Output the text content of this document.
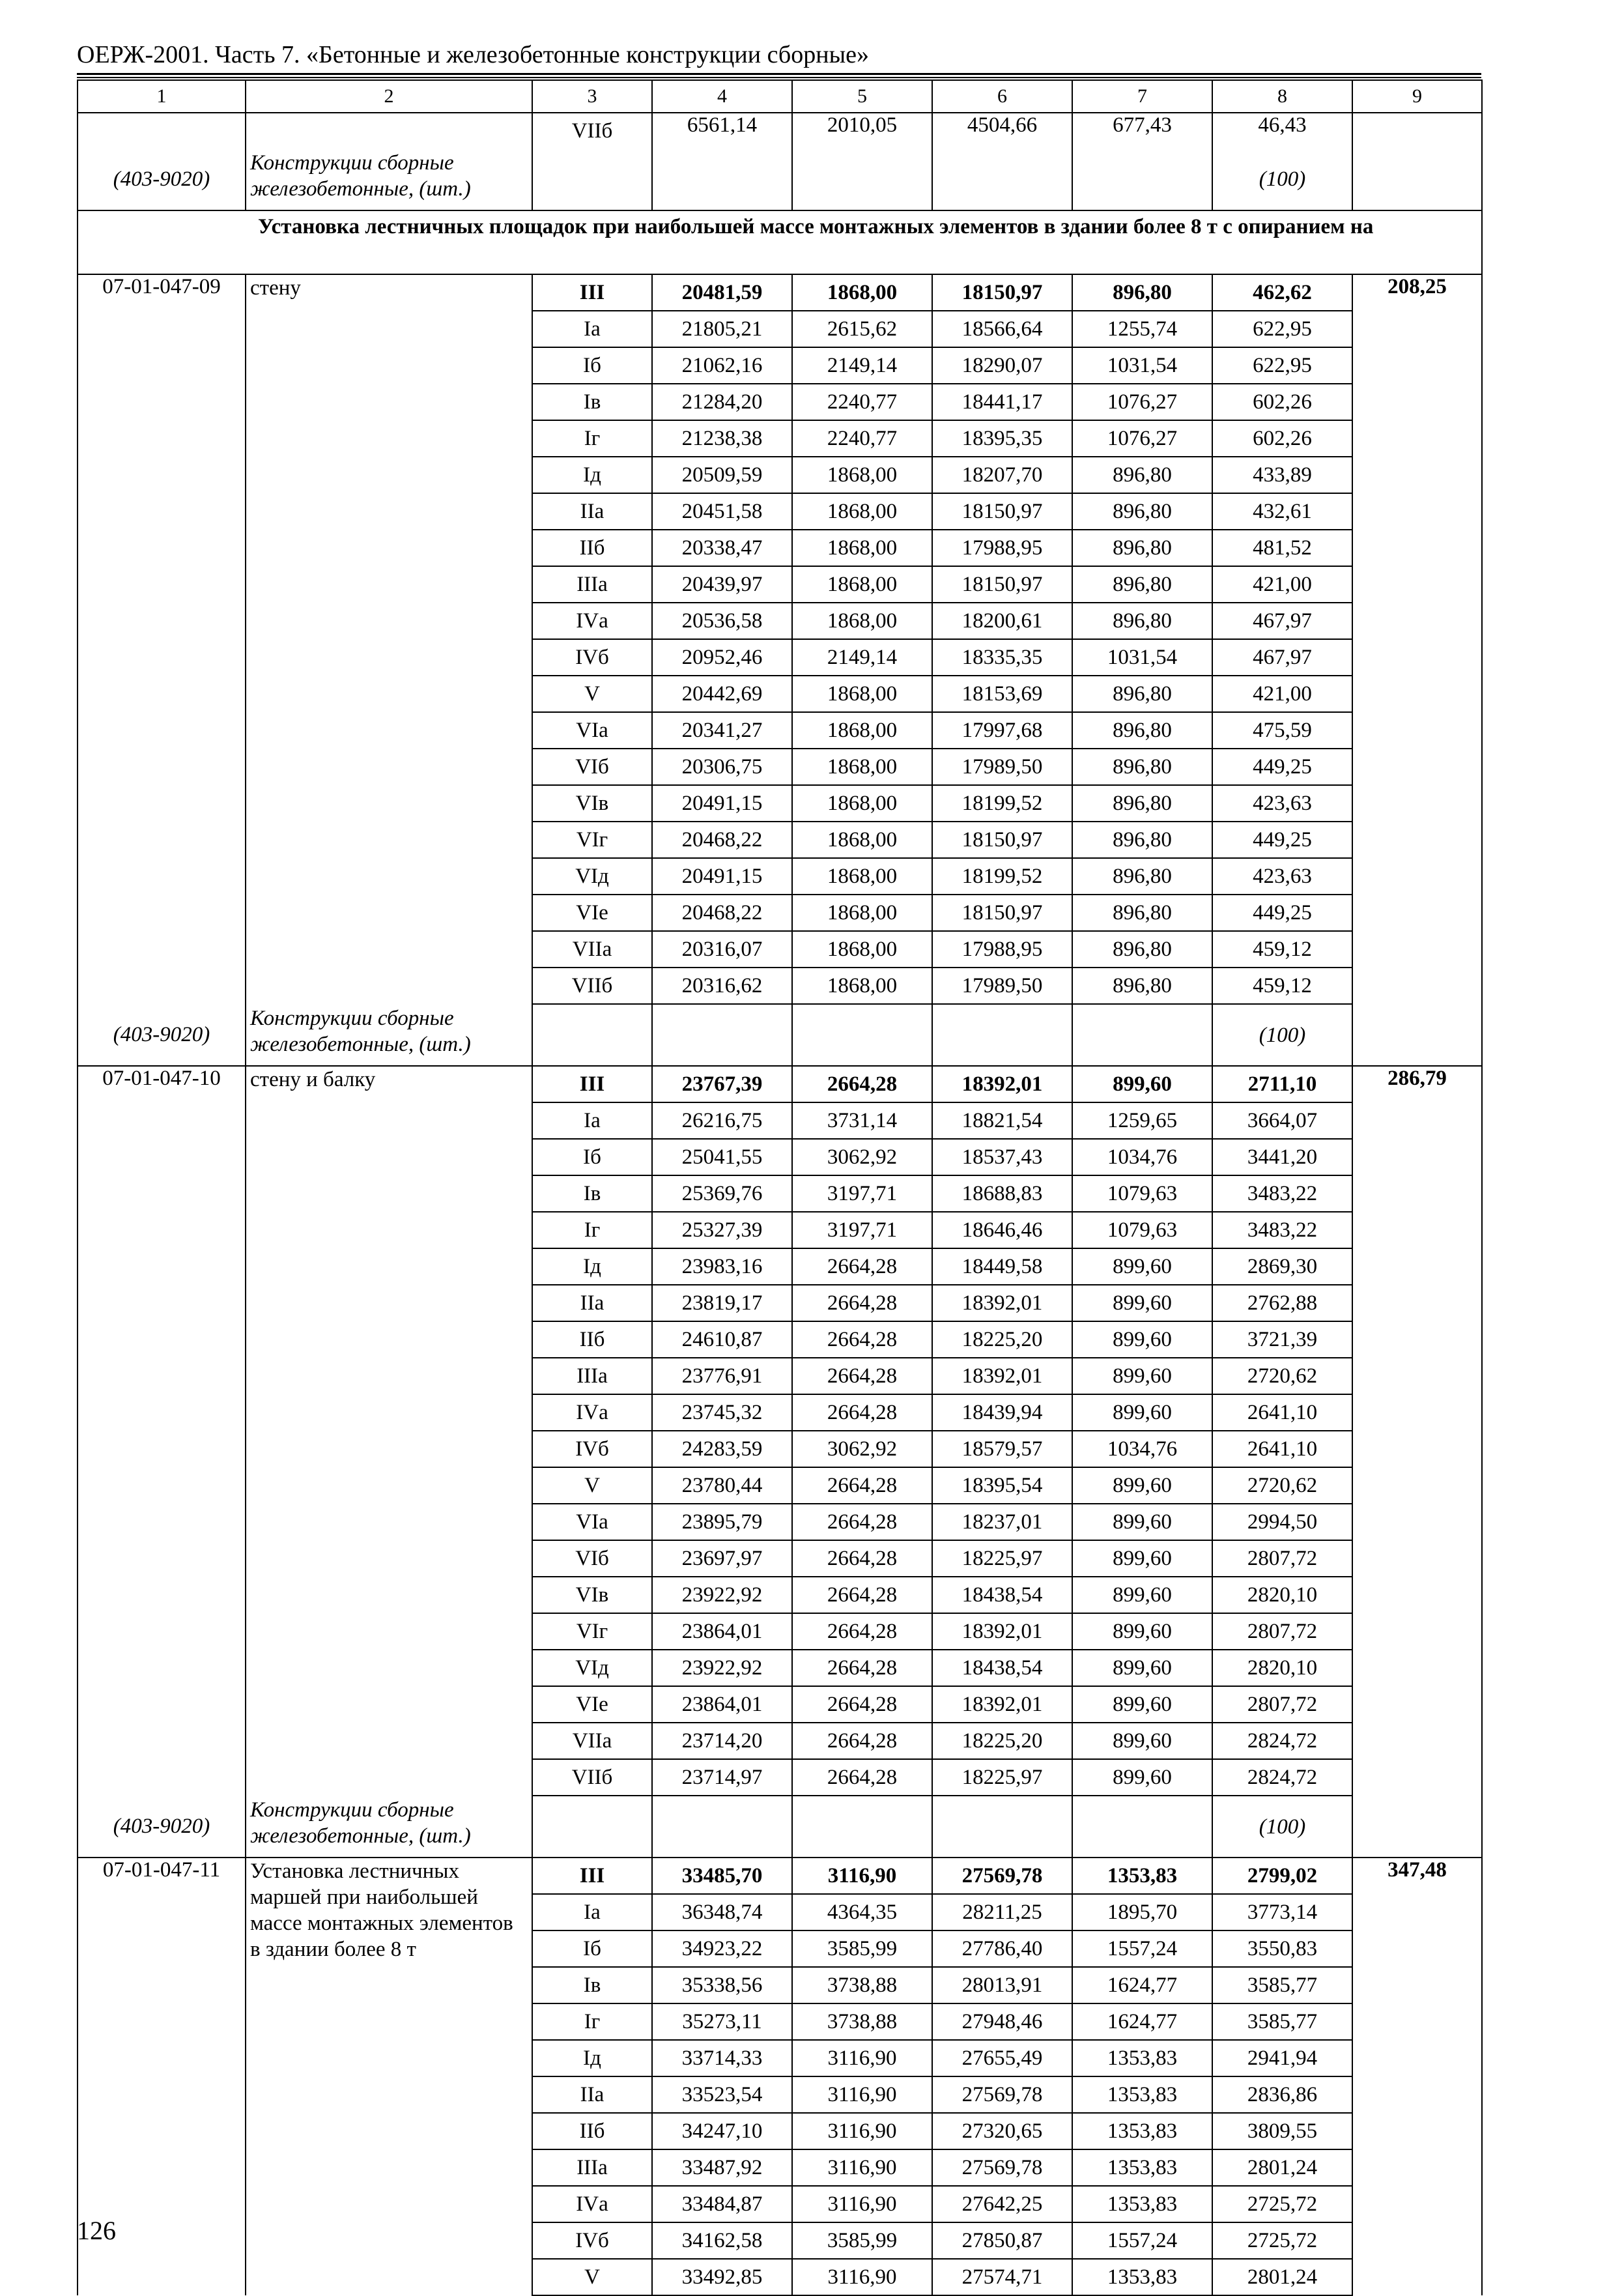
ОЕРЖ-2001. Часть 7. «Бетонные и железобетонные конструкции сборные»
1	2	3	4	5	6	7	8	9
		VIIб	6561,14	2010,05	4504,66	677,43	46,43	
(403-9020)	Конструкции сборные железобетонные, (шт.)						(100)	
Установка лестничных площадок при наибольшей массе монтажных элементов в здании более 8 т с опиранием на								
07-01-047-09	стену	III	20481,59	1868,00	18150,97	896,80	462,62	208,25
		Iа	21805,21	2615,62	18566,64	1255,74	622,95	
		Iб	21062,16	2149,14	18290,07	1031,54	622,95	
		Iв	21284,20	2240,77	18441,17	1076,27	602,26	
		Iг	21238,38	2240,77	18395,35	1076,27	602,26	
		Iд	20509,59	1868,00	18207,70	896,80	433,89	
		IIа	20451,58	1868,00	18150,97	896,80	432,61	
		IIб	20338,47	1868,00	17988,95	896,80	481,52	
		IIIа	20439,97	1868,00	18150,97	896,80	421,00	
		IVа	20536,58	1868,00	18200,61	896,80	467,97	
		IVб	20952,46	2149,14	18335,35	1031,54	467,97	
		V	20442,69	1868,00	18153,69	896,80	421,00	
		VIа	20341,27	1868,00	17997,68	896,80	475,59	
		VIб	20306,75	1868,00	17989,50	896,80	449,25	
		VIв	20491,15	1868,00	18199,52	896,80	423,63	
		VIг	20468,22	1868,00	18150,97	896,80	449,25	
		VIд	20491,15	1868,00	18199,52	896,80	423,63	
		VIе	20468,22	1868,00	18150,97	896,80	449,25	
		VIIа	20316,07	1868,00	17988,95	896,80	459,12	
		VIIб	20316,62	1868,00	17989,50	896,80	459,12	
(403-9020)	Конструкции сборные железобетонные, (шт.)						(100)	
07-01-047-10	стену и балку	III	23767,39	2664,28	18392,01	899,60	2711,10	286,79
		Iа	26216,75	3731,14	18821,54	1259,65	3664,07	
		Iб	25041,55	3062,92	18537,43	1034,76	3441,20	
		Iв	25369,76	3197,71	18688,83	1079,63	3483,22	
		Iг	25327,39	3197,71	18646,46	1079,63	3483,22	
		Iд	23983,16	2664,28	18449,58	899,60	2869,30	
		IIа	23819,17	2664,28	18392,01	899,60	2762,88	
		IIб	24610,87	2664,28	18225,20	899,60	3721,39	
		IIIа	23776,91	2664,28	18392,01	899,60	2720,62	
		IVа	23745,32	2664,28	18439,94	899,60	2641,10	
		IVб	24283,59	3062,92	18579,57	1034,76	2641,10	
		V	23780,44	2664,28	18395,54	899,60	2720,62	
		VIа	23895,79	2664,28	18237,01	899,60	2994,50	
		VIб	23697,97	2664,28	18225,97	899,60	2807,72	
		VIв	23922,92	2664,28	18438,54	899,60	2820,10	
		VIг	23864,01	2664,28	18392,01	899,60	2807,72	
		VIд	23922,92	2664,28	18438,54	899,60	2820,10	
		VIе	23864,01	2664,28	18392,01	899,60	2807,72	
		VIIа	23714,20	2664,28	18225,20	899,60	2824,72	
		VIIб	23714,97	2664,28	18225,97	899,60	2824,72	
(403-9020)	Конструкции сборные железобетонные, (шт.)						(100)	
07-01-047-11	Установка лестничных маршей при наибольшей массе монтажных элементов в здании более 8 т	III	33485,70	3116,90	27569,78	1353,83	2799,02	347,48
		Iа	36348,74	4364,35	28211,25	1895,70	3773,14	
		Iб	34923,22	3585,99	27786,40	1557,24	3550,83	
		Iв	35338,56	3738,88	28013,91	1624,77	3585,77	
		Iг	35273,11	3738,88	27948,46	1624,77	3585,77	
		Iд	33714,33	3116,90	27655,49	1353,83	2941,94	
		IIа	33523,54	3116,90	27569,78	1353,83	2836,86	
		IIб	34247,10	3116,90	27320,65	1353,83	3809,55	
		IIIа	33487,92	3116,90	27569,78	1353,83	2801,24	
		IVа	33484,87	3116,90	27642,25	1353,83	2725,72	
		IVб	34162,58	3585,99	27850,87	1557,24	2725,72	
		V	33492,85	3116,90	27574,71	1353,83	2801,24	
126
